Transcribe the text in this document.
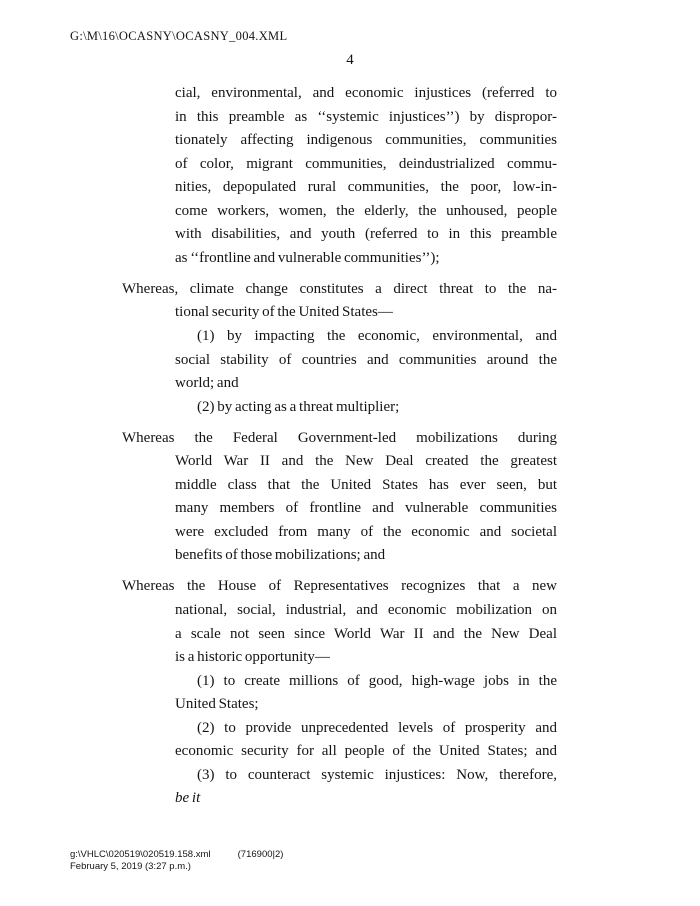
G:\M\16\OCASNY\OCASNY_004.XML
4
cial, environmental, and economic injustices (referred to
in this preamble as ‘‘systemic injustices’’) by dispropor-
tionately affecting indigenous communities, communities
of color, migrant communities, deindustrialized commu-
nities, depopulated rural communities, the poor, low-in-
come workers, women, the elderly, the unhoused, people
with disabilities, and youth (referred to in this preamble
as ‘‘frontline and vulnerable communities’’);
Whereas, climate change constitutes a direct threat to the na-
tional security of the United States—
(1) by impacting the economic, environmental, and
social stability of countries and communities around the
world; and
(2) by acting as a threat multiplier;
Whereas the Federal Government-led mobilizations during
World War II and the New Deal created the greatest
middle class that the United States has ever seen, but
many members of frontline and vulnerable communities
were excluded from many of the economic and societal
benefits of those mobilizations; and
Whereas the House of Representatives recognizes that a new
national, social, industrial, and economic mobilization on
a scale not seen since World War II and the New Deal
is a historic opportunity—
(1) to create millions of good, high-wage jobs in the
United States;
(2) to provide unprecedented levels of prosperity and
economic security for all people of the United States; and
(3) to counteract systemic injustices: Now, therefore,
be it
g:\VHLC\020519\020519.158.xml	(716900|2)
February 5, 2019 (3:27 p.m.)
